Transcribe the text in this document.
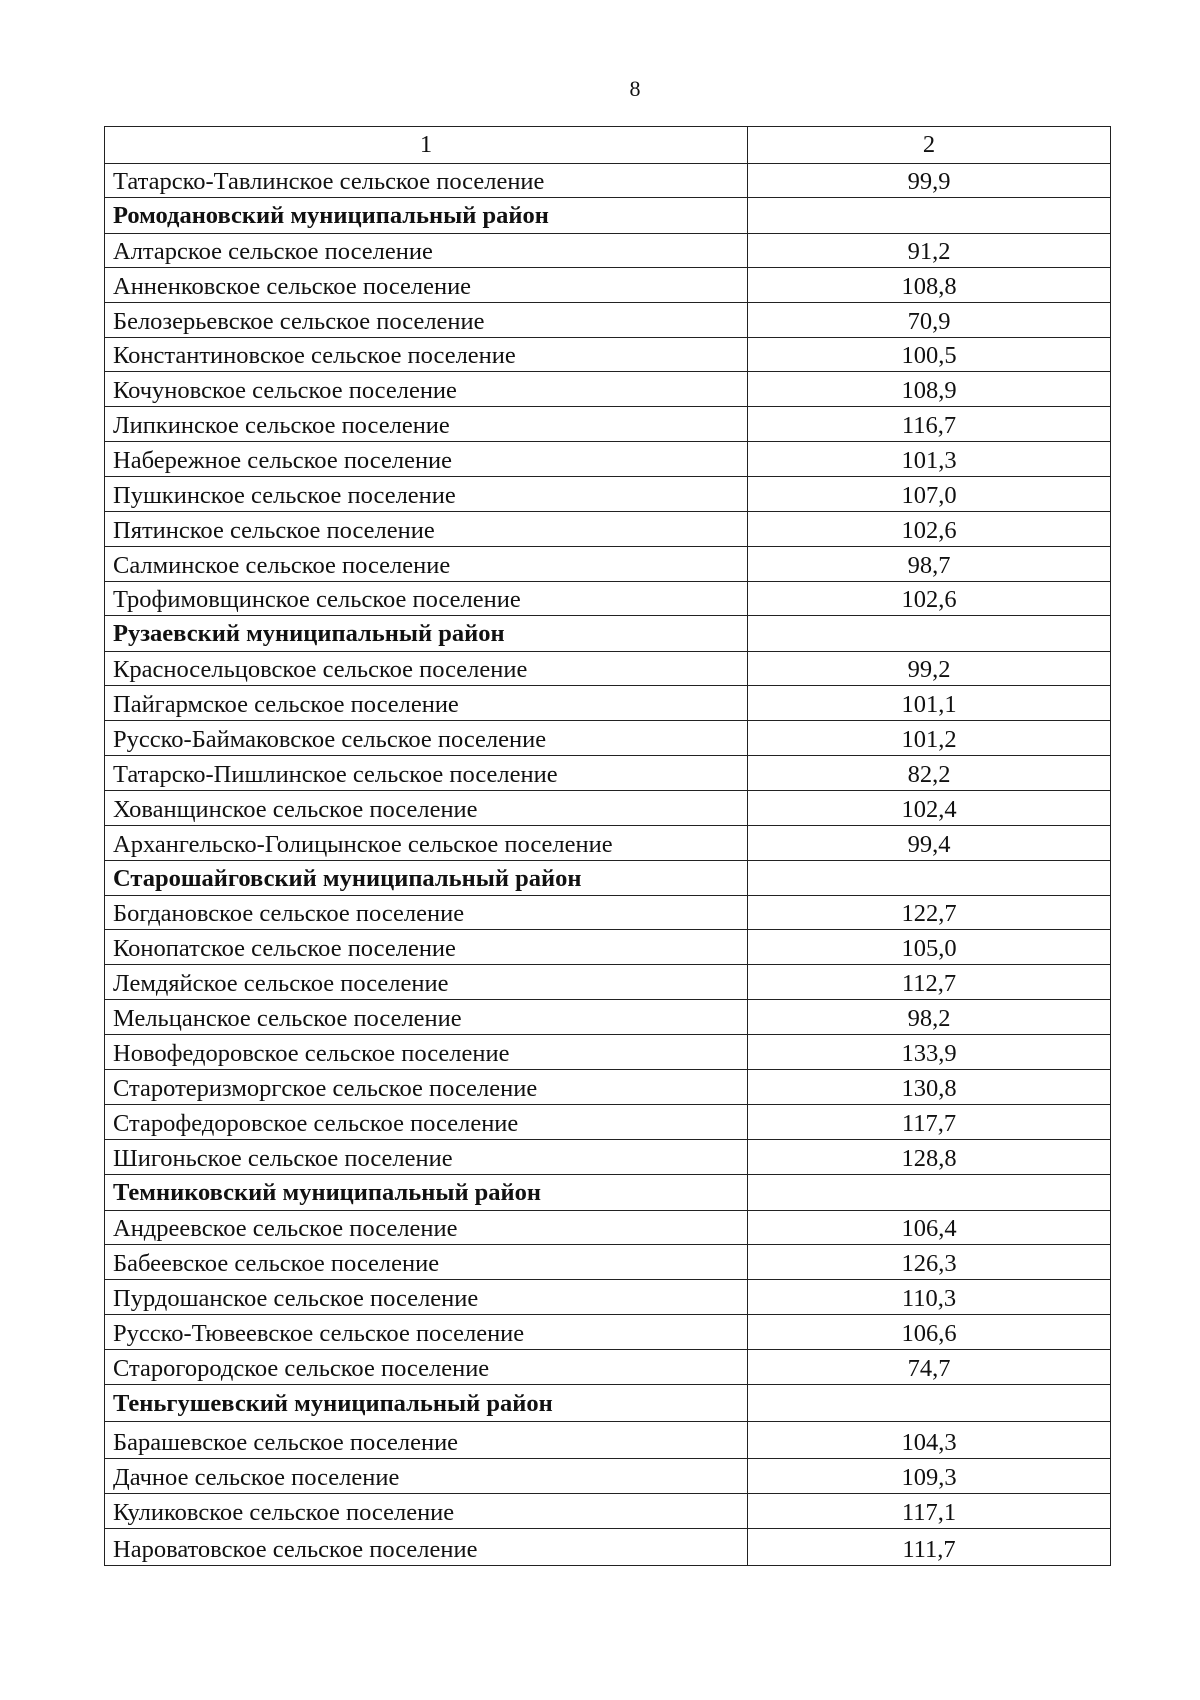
8
1	2
Татарско-Тавлинское сельское поселение	99,9
Ромодановский муниципальный район	
Алтарское сельское поселение	91,2
Анненковское сельское поселение	108,8
Белозерьевское сельское поселение	70,9
Константиновское сельское поселение	100,5
Кочуновское сельское поселение	108,9
Липкинское сельское поселение	116,7
Набережное сельское поселение	101,3
Пушкинское сельское поселение	107,0
Пятинское сельское поселение	102,6
Салминское сельское поселение	98,7
Трофимовщинское сельское поселение	102,6
Рузаевский муниципальный район	
Красносельцовское сельское поселение	99,2
Пайгармское сельское поселение	101,1
Русско-Баймаковское сельское поселение	101,2
Татарско-Пишлинское сельское поселение	82,2
Хованщинское сельское поселение	102,4
Архангельско-Голицынское сельское поселение	99,4
Старошайговский муниципальный район	
Богдановское сельское поселение	122,7
Конопатское сельское поселение	105,0
Лемдяйское сельское поселение	112,7
Мельцанское сельское поселение	98,2
Новофедоровское сельское поселение	133,9
Старотеризморгское сельское поселение	130,8
Старофедоровское сельское поселение	117,7
Шигоньское сельское поселение	128,8
Темниковский муниципальный район	
Андреевское сельское поселение	106,4
Бабеевское сельское поселение	126,3
Пурдошанское сельское поселение	110,3
Русско-Тювеевское сельское поселение	106,6
Старогородское сельское поселение	74,7
Теньгушевский муниципальный район	
Барашевское сельское поселение	104,3
Дачное сельское поселение	109,3
Куликовское сельское поселение	117,1
Нароватовское сельское поселение	111,7
